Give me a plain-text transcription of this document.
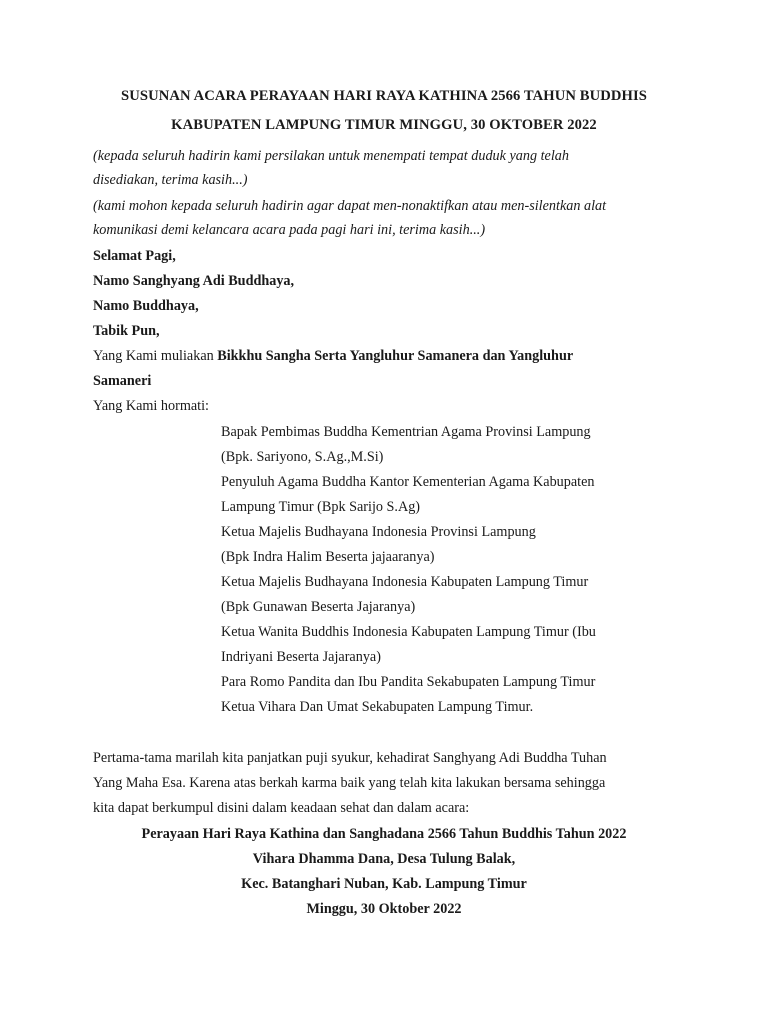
SUSUNAN ACARA PERAYAAN HARI RAYA KATHINA 2566 TAHUN BUDDHIS
KABUPATEN LAMPUNG TIMUR MINGGU, 30 OKTOBER 2022
(kepada seluruh hadirin kami persilakan untuk menempati tempat duduk yang telah
disediakan, terima kasih...)
(kami mohon kepada seluruh hadirin agar dapat men-nonaktifkan atau men-silentkan alat
komunikasi demi kelancara acara pada pagi hari ini, terima kasih...)
Selamat Pagi,
Namo Sanghyang Adi Buddhaya,
Namo Buddhaya,
Tabik Pun,
Yang Kami muliakan Bikkhu Sangha Serta Yangluhur Samanera dan Yangluhur
Samaneri
Yang Kami hormati:
Bapak Pembimas Buddha Kementrian Agama Provinsi Lampung
(Bpk. Sariyono, S.Ag.,M.Si)
Penyuluh Agama Buddha Kantor Kementerian Agama Kabupaten
Lampung Timur (Bpk Sarijo S.Ag)
Ketua Majelis Budhayana Indonesia Provinsi Lampung
(Bpk Indra Halim Beserta jajaaranya)
Ketua Majelis Budhayana Indonesia Kabupaten Lampung Timur
(Bpk Gunawan Beserta Jajaranya)
Ketua Wanita Buddhis Indonesia Kabupaten Lampung Timur (Ibu
Indriyani Beserta Jajaranya)
Para Romo Pandita dan Ibu Pandita Sekabupaten Lampung Timur
Ketua Vihara Dan Umat Sekabupaten Lampung Timur.
Pertama-tama marilah kita panjatkan puji syukur, kehadirat Sanghyang Adi Buddha Tuhan
Yang Maha Esa. Karena atas berkah karma baik yang telah kita lakukan bersama sehingga
kita dapat berkumpul disini dalam keadaan sehat dan dalam acara:
Perayaan Hari Raya Kathina dan Sanghadana 2566 Tahun Buddhis Tahun 2022
Vihara Dhamma Dana, Desa Tulung Balak,
Kec. Batanghari Nuban, Kab. Lampung Timur
Minggu, 30 Oktober 2022
